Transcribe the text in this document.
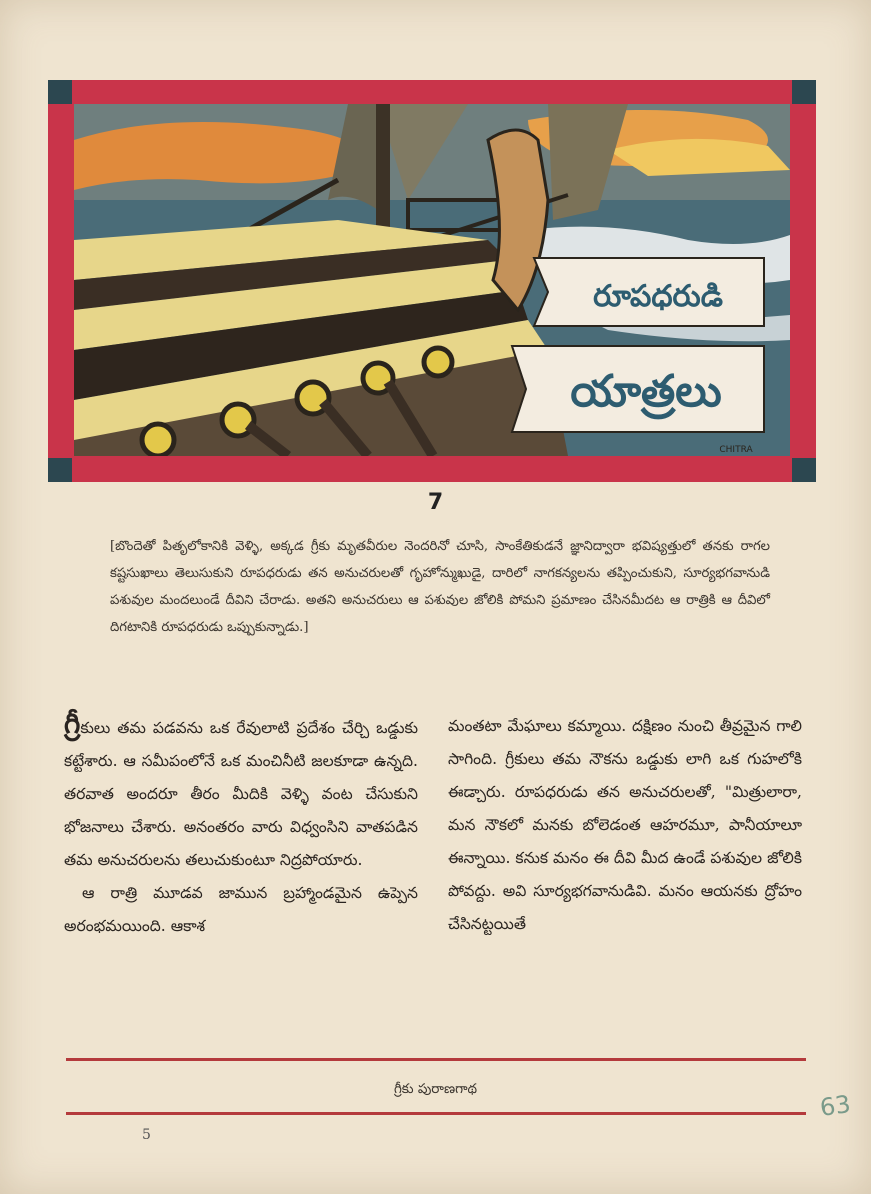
రూపధరుడి
యాత్రలు
CHITRA
7
[బొందెతో పితృలోకానికి వెళ్ళి, అక్కడ గ్రీకు మృతవీరుల నెందరినో చూసి, సాంకేతికుడనే జ్ఞానిద్వారా భవిష్యత్తులో తనకు రాగల కష్టసుఖాలు తెలుసుకుని రూపధరుడు తన అనుచరులతో గృహోన్ముఖుడై, దారిలో నాగకన్యలను తప్పించుకుని, సూర్యభగవానుడి పశువుల మందలుండే దీవిని చేరాడు. అతని అనుచరులు ఆ పశువుల జోలికి పోమని ప్రమాణం చేసినమీదట ఆ రాత్రికి ఆ దీవిలో దిగటానికి రూపధరుడు ఒప్పుకున్నాడు.]

గ్రీకులు తమ పడవను ఒక రేవులాటి ప్రదేశం చేర్చి ఒడ్డుకు కట్టేశారు. ఆ సమీపంలోనే ఒక మంచినీటి జలకూడా ఉన్నది. తరవాత అందరూ తీరం మీదికి వెళ్ళి వంట చేసుకుని భోజనాలు చేశారు. అనంతరం వారు విధ్వంసిని వాతపడిన తమ అనుచరులను తలుచుకుంటూ నిద్రపోయారు.

ఆ రాత్రి మూడవ జామున బ్రహ్మాండమైన ఉప్పెన అరంభమయింది. ఆకాశ

మంతటా మేఘాలు కమ్మాయి. దక్షిణం నుంచి తీవ్రమైన గాలి సాగింది. గ్రీకులు తమ నౌకను ఒడ్డుకు లాగి ఒక గుహలోకి ఈడ్చారు. రూపధరుడు తన అనుచరులతో, "మిత్రులారా, మన నౌకలో మనకు బోలెడంత ఆహరమూ, పానీయాలూ ఈన్నాయి. కనుక మనం ఈ దీవి మీద ఉండే పశువుల జోలికి పోవద్దు. అవి సూర్యభగవానుడివి. మనం ఆయనకు ద్రోహం చేసినట్టయితే

గ్రీకు పురాణగాథ
5
63
